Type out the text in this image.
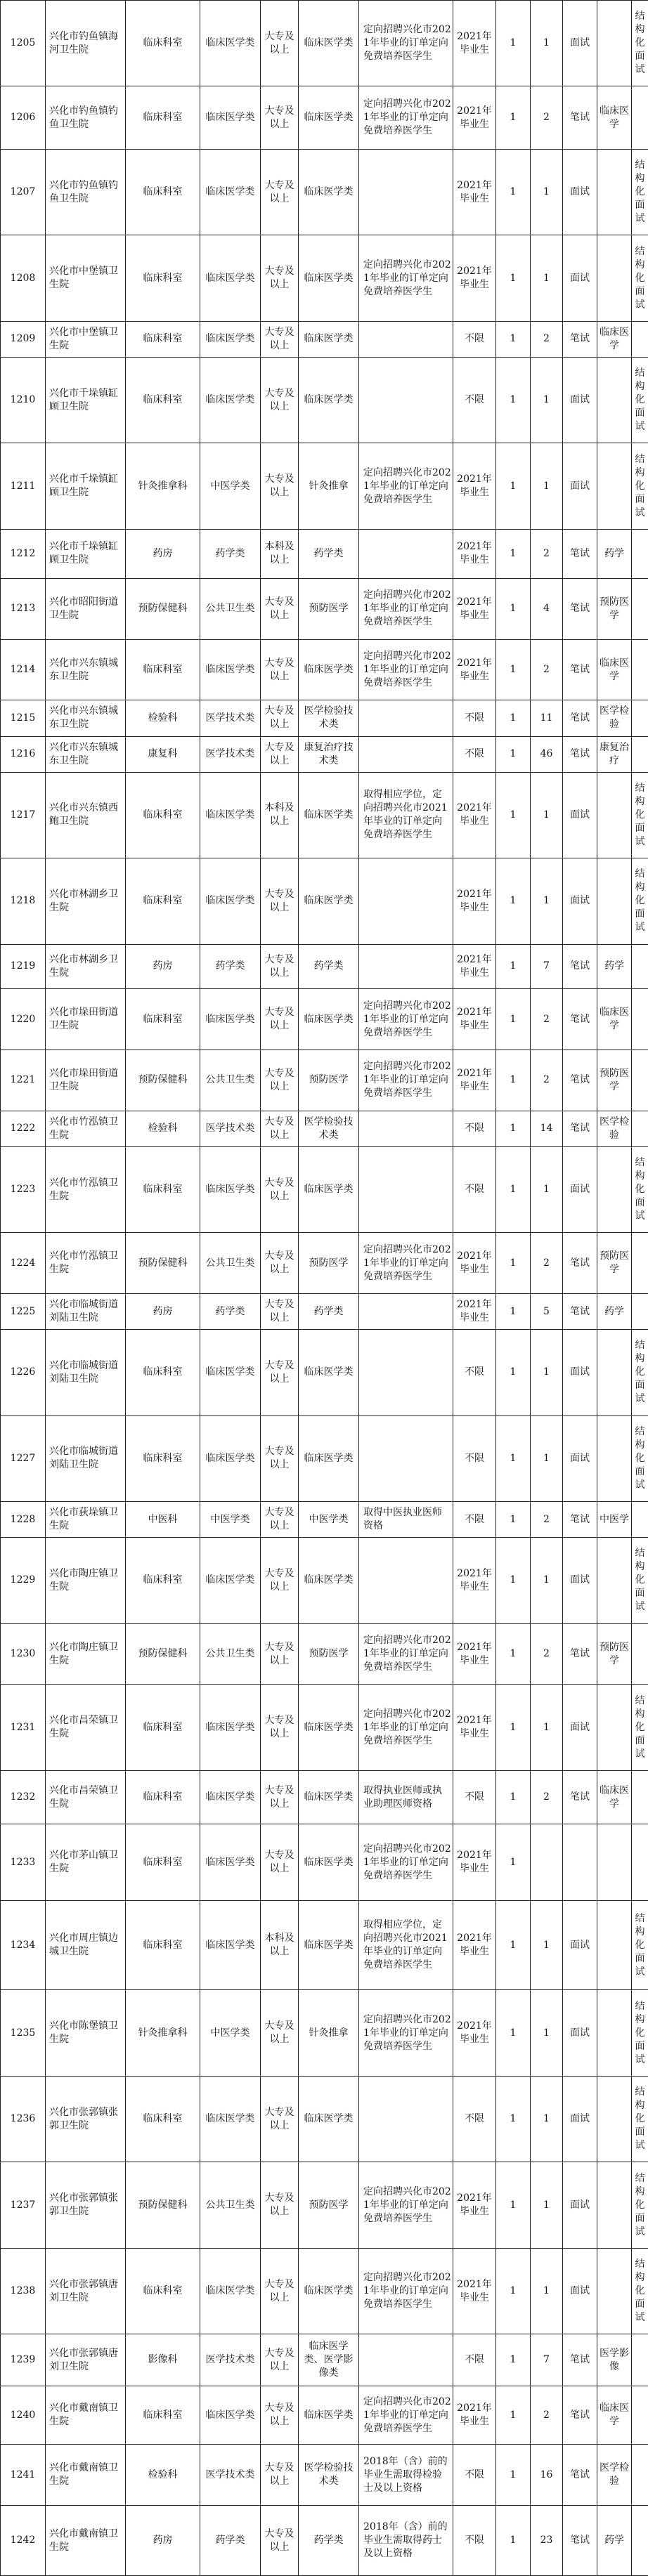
1205	兴化市钓鱼镇海河卫生院	临床科室	临床医学类	大专及以上	临床医学类	定向招聘兴化市2021年毕业的订单定向免费培养医学生	2021年毕业生	1	1	面试		结构化面试
1206	兴化市钓鱼镇钓鱼卫生院	临床科室	临床医学类	大专及以上	临床医学类	定向招聘兴化市2021年毕业的订单定向免费培养医学生	2021年毕业生	1	2	笔试	临床医学	
1207	兴化市钓鱼镇钓鱼卫生院	临床科室	临床医学类	大专及以上	临床医学类		2021年毕业生	1	1	面试		结构化面试
1208	兴化市中堡镇卫生院	临床科室	临床医学类	大专及以上	临床医学类	定向招聘兴化市2021年毕业的订单定向免费培养医学生	2021年毕业生	1	1	面试		结构化面试
1209	兴化市中堡镇卫生院	临床科室	临床医学类	大专及以上	临床医学类		不限	1	2	笔试	临床医学	
1210	兴化市千垛镇缸顾卫生院	临床科室	临床医学类	大专及以上	临床医学类		不限	1	1	面试		结构化面试
1211	兴化市千垛镇缸顾卫生院	针灸推拿科	中医学类	大专及以上	针灸推拿	定向招聘兴化市2021年毕业的订单定向免费培养医学生	2021年毕业生	1	1	面试		结构化面试
1212	兴化市千垛镇缸顾卫生院	药房	药学类	本科及以上	药学类		2021年毕业生	1	2	笔试	药学	
1213	兴化市昭阳街道卫生院	预防保健科	公共卫生类	大专及以上	预防医学	定向招聘兴化市2021年毕业的订单定向免费培养医学生	2021年毕业生	1	4	笔试	预防医学	
1214	兴化市兴东镇城东卫生院	临床科室	临床医学类	大专及以上	临床医学类	定向招聘兴化市2021年毕业的订单定向免费培养医学生	2021年毕业生	1	2	笔试	临床医学	
1215	兴化市兴东镇城东卫生院	检验科	医学技术类	大专及以上	医学检验技术类		不限	1	11	笔试	医学检验	
1216	兴化市兴东镇城东卫生院	康复科	医学技术类	大专及以上	康复治疗技术类		不限	1	46	笔试	康复治疗	
1217	兴化市兴东镇西鲍卫生院	临床科室	临床医学类	本科及以上	临床医学类	取得相应学位，定向招聘兴化市2021年毕业的订单定向免费培养医学生	2021年毕业生	1	1	面试		结构化面试
1218	兴化市林湖乡卫生院	临床科室	临床医学类	大专及以上	临床医学类		2021年毕业生	1	1	面试		结构化面试
1219	兴化市林湖乡卫生院	药房	药学类	大专及以上	药学类		2021年毕业生	1	7	笔试	药学	
1220	兴化市垛田街道卫生院	临床科室	临床医学类	大专及以上	临床医学类	定向招聘兴化市2021年毕业的订单定向免费培养医学生	2021年毕业生	1	2	笔试	临床医学	
1221	兴化市垛田街道卫生院	预防保健科	公共卫生类	大专及以上	预防医学	定向招聘兴化市2021年毕业的订单定向免费培养医学生	2021年毕业生	1	2	笔试	预防医学	
1222	兴化市竹泓镇卫生院	检验科	医学技术类	大专及以上	医学检验技术类		不限	1	14	笔试	医学检验	
1223	兴化市竹泓镇卫生院	临床科室	临床医学类	大专及以上	临床医学类		不限	1	1	面试		结构化面试
1224	兴化市竹泓镇卫生院	预防保健科	公共卫生类	大专及以上	预防医学	定向招聘兴化市2021年毕业的订单定向免费培养医学生	2021年毕业生	1	2	笔试	预防医学	
1225	兴化市临城街道刘陆卫生院	药房	药学类	大专及以上	药学类		2021年毕业生	1	5	笔试	药学	
1226	兴化市临城街道刘陆卫生院	临床科室	临床医学类	大专及以上	临床医学类		不限	1	1	面试		结构化面试
1227	兴化市临城街道刘陆卫生院	临床科室	临床医学类	大专及以上	临床医学类		不限	1	1	面试		结构化面试
1228	兴化市荻垛镇卫生院	中医科	中医学类	大专及以上	中医学类	取得中医执业医师资格	不限	1	2	笔试	中医学	
1229	兴化市陶庄镇卫生院	临床科室	临床医学类	大专及以上	临床医学类		2021年毕业生	1	1	面试		结构化面试
1230	兴化市陶庄镇卫生院	预防保健科	公共卫生类	大专及以上	预防医学	定向招聘兴化市2021年毕业的订单定向免费培养医学生	2021年毕业生	1	2	笔试	预防医学	
1231	兴化市昌荣镇卫生院	临床科室	临床医学类	大专及以上	临床医学类	定向招聘兴化市2021年毕业的订单定向免费培养医学生	2021年毕业生	1	1	面试		结构化面试
1232	兴化市昌荣镇卫生院	临床科室	临床医学类	大专及以上	临床医学类	取得执业医师或执业助理医师资格	不限	1	2	笔试	临床医学	
1233	兴化市茅山镇卫生院	临床科室	临床医学类	大专及以上	临床医学类	定向招聘兴化市2021年毕业的订单定向免费培养医学生	2021年毕业生	1				
1234	兴化市周庄镇边城卫生院	临床科室	临床医学类	本科及以上	临床医学类	取得相应学位，定向招聘兴化市2021年毕业的订单定向免费培养医学生	2021年毕业生	1	1	面试		结构化面试
1235	兴化市陈堡镇卫生院	针灸推拿科	中医学类	大专及以上	针灸推拿	定向招聘兴化市2021年毕业的订单定向免费培养医学生	2021年毕业生	1	1	面试		结构化面试
1236	兴化市张郭镇张郭卫生院	临床科室	临床医学类	大专及以上	临床医学类		不限	1	1	面试		结构化面试
1237	兴化市张郭镇张郭卫生院	预防保健科	公共卫生类	大专及以上	预防医学	定向招聘兴化市2021年毕业的订单定向免费培养医学生	2021年毕业生	1	1	面试		结构化面试
1238	兴化市张郭镇唐刘卫生院	临床科室	临床医学类	大专及以上	临床医学类	定向招聘兴化市2021年毕业的订单定向免费培养医学生	2021年毕业生	1	1	面试		结构化面试
1239	兴化市张郭镇唐刘卫生院	影像科	医学技术类	大专及以上	临床医学类、医学影像类		不限	1	7	笔试	医学影像	
1240	兴化市戴南镇卫生院	临床科室	临床医学类	大专及以上	临床医学类	定向招聘兴化市2021年毕业的订单定向免费培养医学生	2021年毕业生	1	2	笔试	临床医学	
1241	兴化市戴南镇卫生院	检验科	医学技术类	大专及以上	医学检验技术类	2018年（含）前的毕业生需取得检验士及以上资格	不限	1	16	笔试	医学检验	
1242	兴化市戴南镇卫生院	药房	药学类	大专及以上	药学类	2018年（含）前的毕业生需取得药士及以上资格	不限	1	23	笔试	药学	
